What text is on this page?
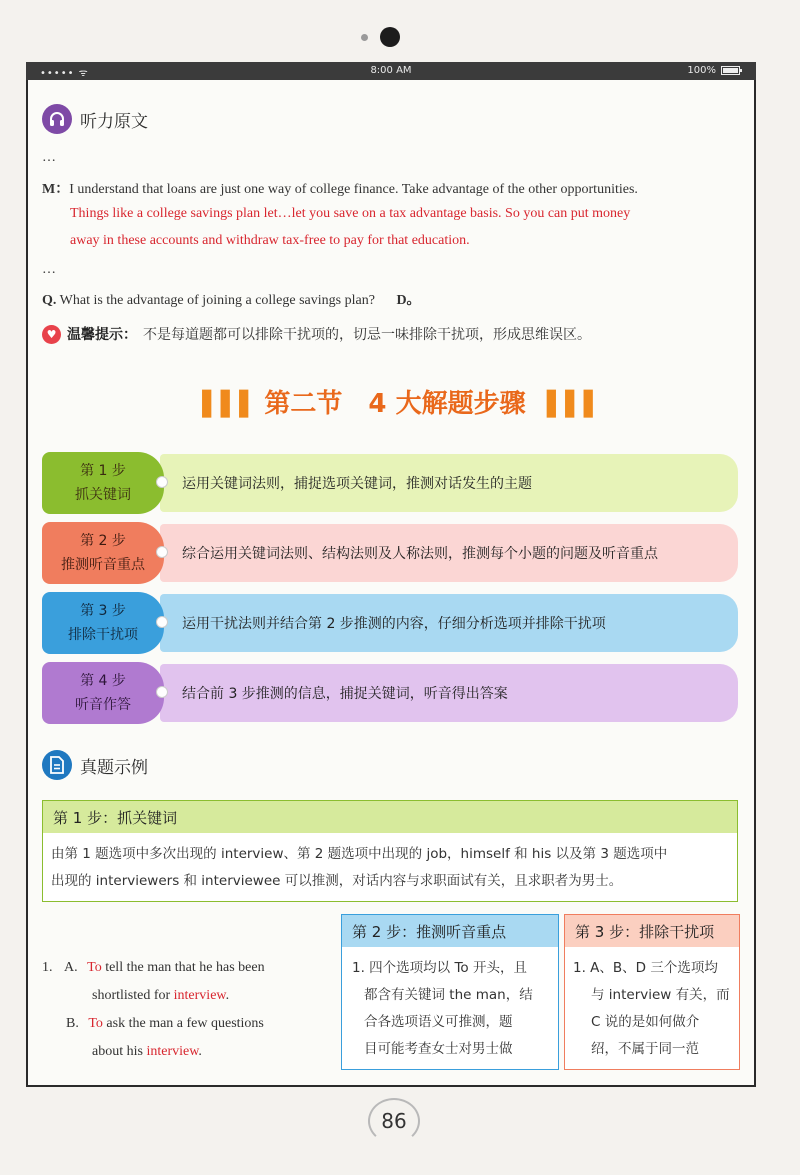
••••• ᯤ	8:00 AM	100%
听力原文
…
M：I understand that loans are just one way of college finance. Take advantage of the other opportunities.
Things like a college savings plan let…let you save on a tax advantage basis. So you can put money
away in these accounts and withdraw tax-free to pay for that education.
…
Q. What is the advantage of joining a college savings plan? D。
♥ 温馨提示： 不是每道题都可以排除干扰项的，切忌一味排除干扰项，形成思维误区。
❚❚❚ 第二节　4 大解题步骤 ❚❚❚
运用关键词法则，捕捉选项关键词，推测对话发生的主题
第 1 步
抓关键词
综合运用关键词法则、结构法则及人称法则，推测每个小题的问题及听音重点
第 2 步
推测听音重点
运用干扰法则并结合第 2 步推测的内容，仔细分析选项并排除干扰项
第 3 步
排除干扰项
结合前 3 步推测的信息，捕捉关键词，听音得出答案
第 4 步
听音作答
真题示例
第 1 步：抓关键词
由第 1 题选项中多次出现的 interview、第 2 题选项中出现的 job，himself 和 his 以及第 3 题选项中
出现的 interviewers 和 interviewee 可以推测，对话内容与求职面试有关，且求职者为男士。
第 2 步：推测听音重点
1. 四个选项均以 To 开头，且
都含有关键词 the man，结
合各选项语义可推测，题
目可能考查女士对男士做
第 3 步：排除干扰项
1. A、B、D 三个选项均
与 interview 有关，而
C 说的是如何做介
绍，不属于同一范
1. A. To tell the man that he has been
shortlisted for interview.
B. To ask the man a few questions
about his interview.
86
